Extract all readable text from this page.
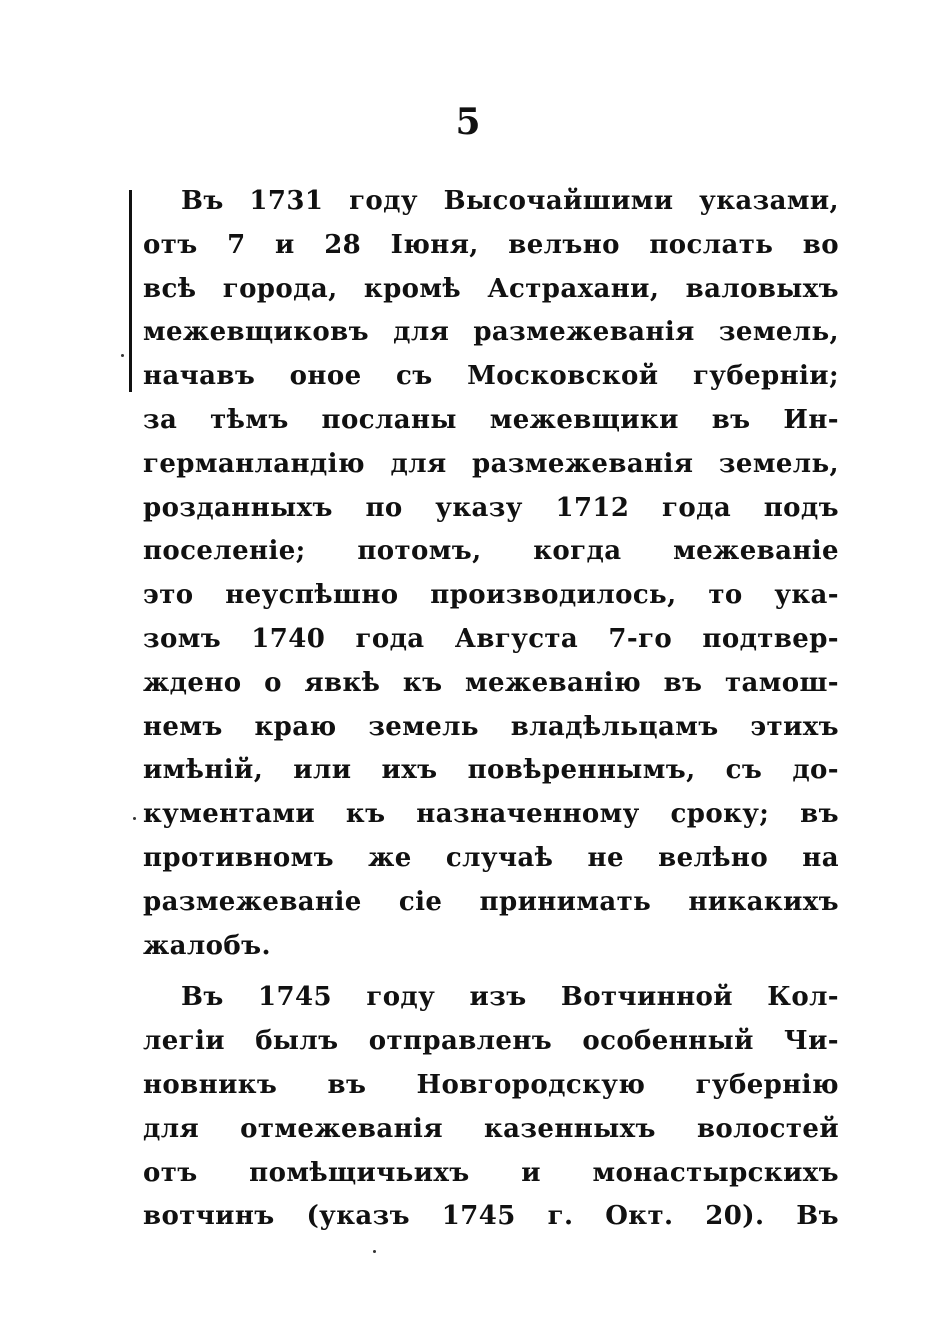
5
Въ 1731 году Высочайшими указами,
отъ 7 и 28 Іюня, велъно послать во
всѣ города, кромѣ Астрахани, валовыхъ
межевщиковъ для размежеванія земель,
начавъ оное съ Московской губерніи;
за тѣмъ посланы межевщики въ Ин-
германландію для размежеванія земель,
розданныхъ по указу 1712 года подъ
поселеніе; потомъ, когда межеваніе
это неуспѣшно производилось, то ука-
зомъ 1740 года Августа 7-го подтвер-
ждено о явкѣ къ межеванію въ тамош-
немъ краю земель владѣльцамъ этихъ
имѣній, или ихъ повѣреннымъ, съ до-
кументами къ назначенному сроку; въ
противномъ же случаѣ не велѣно на
размежеваніе сіе принимать никакихъ
жалобъ.
Въ 1745 году изъ Вотчинной Кол-
легіи былъ отправленъ особенный Чи-
новникъ въ Новгородскую губернію
для отмежеванія казенныхъ волостей
отъ помѣщичьихъ и монастырскихъ
вотчинъ (указъ 1745 г. Окт. 20). Въ
